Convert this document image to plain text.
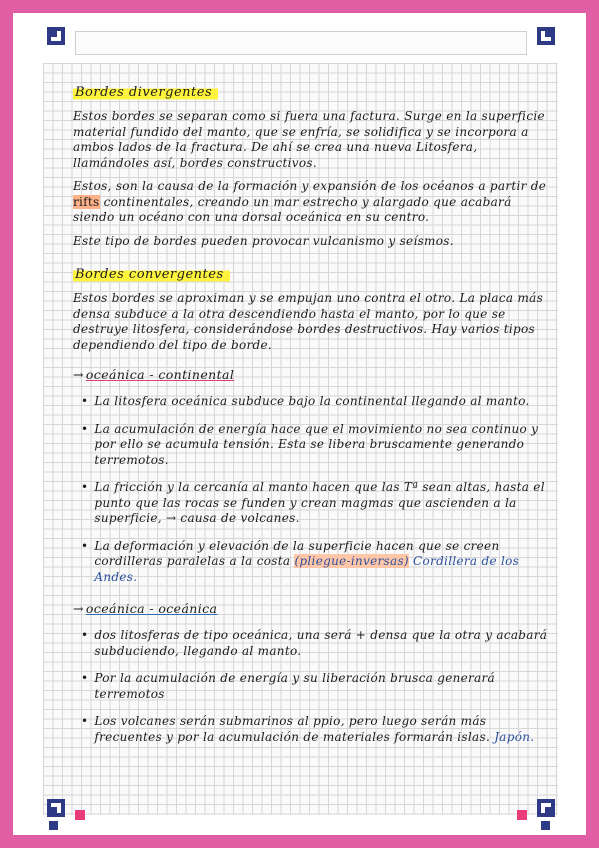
Bordes divergentes

Estos bordes se separan como si fuera una factura. Surge en la superficie material fundido del manto, que se enfría, se solidifica y se incorpora a ambos lados de la fractura. De ahí se crea una nueva Litosfera, llamándoles así, bordes constructivos.

Estos, son la causa de la formación y expansión de los océanos a partir de rifts continentales, creando un mar estrecho y alargado que acabará siendo un océano con una dorsal oceánica en su centro.

Este tipo de bordes pueden provocar vulcanismo y seísmos.

Bordes convergentes

Estos bordes se aproximan y se empujan uno contra el otro. La placa más densa subduce a la otra descendiendo hasta el manto, por lo que se destruye litosfera, considerándose bordes destructivos. Hay varios tipos dependiendo del tipo de borde.

→ oceánica - continental
• La litosfera oceánica subduce bajo la continental llegando al manto.
• La acumulación de energía hace que el movimiento no sea continuo y por ello se acumula tensión. Esta se libera bruscamente generando terremotos.
• La fricción y la cercanía al manto hacen que las Tª sean altas, hasta el punto que las rocas se funden y crean magmas que ascienden a la superficie, → causa de volcanes.
• La deformación y elevación de la superficie hacen que se creen cordilleras paralelas a la costa (pliegue-inversas) Cordillera de los Andes.
→ oceánica - oceánica
• dos litosferas de tipo oceánica, una será + densa que la otra y acabará subduciendo, llegando al manto.
• Por la acumulación de energía y su liberación brusca generará terremotos
• Los volcanes serán submarinos al ppio, pero luego serán más frecuentes y por la acumulación de materiales formarán islas. Japón.
